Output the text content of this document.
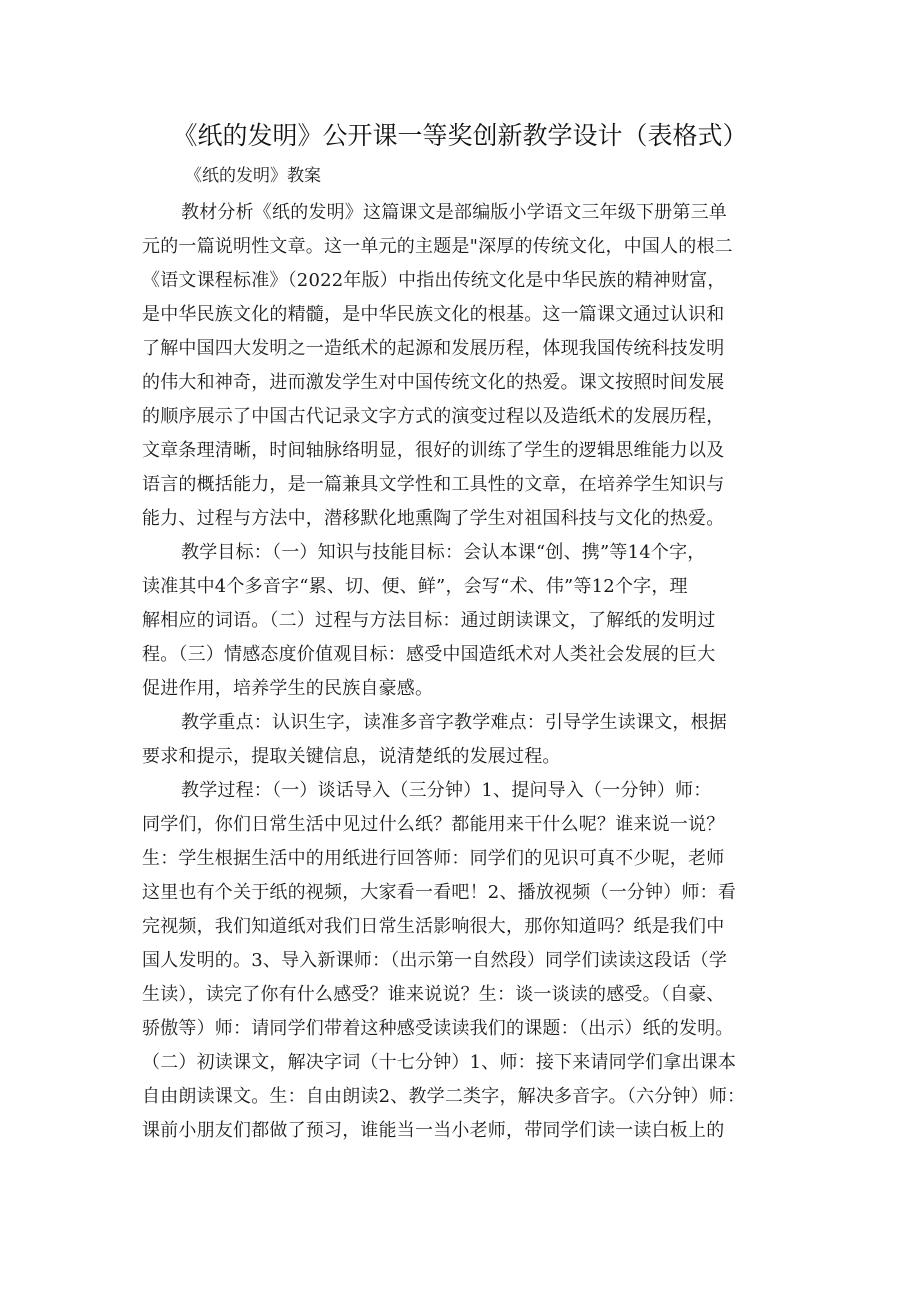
《纸的发明》公开课一等奖创新教学设计（表格式）
《纸的发明》教案
教材分析《纸的发明》这篇课文是部编版小学语文三年级下册第三单
元的一篇说明性文章。这一单元的主题是"深厚的传统文化，中国人的根二
《语文课程标准》（2022年版）中指出传统文化是中华民族的精神财富，
是中华民族文化的精髓，是中华民族文化的根基。这一篇课文通过认识和
了解中国四大发明之一造纸术的起源和发展历程，体现我国传统科技发明
的伟大和神奇，进而激发学生对中国传统文化的热爱。课文按照时间发展
的顺序展示了中国古代记录文字方式的演变过程以及造纸术的发展历程，
文章条理清晰，时间轴脉络明显，很好的训练了学生的逻辑思维能力以及
语言的概括能力，是一篇兼具文学性和工具性的文章，在培养学生知识与
能力、过程与方法中，潜移默化地熏陶了学生对祖国科技与文化的热爱。
教学目标：（一）知识与技能目标：会认本课“创、携”等14个字，
读准其中4个多音字“累、切、便、鲜”，会写“术、伟”等12个字，理
解相应的词语。（二）过程与方法目标：通过朗读课文，了解纸的发明过
程。（三）情感态度价值观目标：感受中国造纸术对人类社会发展的巨大
促进作用，培养学生的民族自豪感。
教学重点：认识生字，读准多音字教学难点：引导学生读课文，根据
要求和提示，提取关键信息，说清楚纸的发展过程。
教学过程：（一）谈话导入（三分钟）1、提问导入（一分钟）师：
同学们，你们日常生活中见过什么纸？都能用来干什么呢？谁来说一说？
生：学生根据生活中的用纸进行回答师：同学们的见识可真不少呢，老师
这里也有个关于纸的视频，大家看一看吧！2、播放视频（一分钟）师：看
完视频，我们知道纸对我们日常生活影响很大，那你知道吗？纸是我们中
国人发明的。3、导入新课师：（出示第一自然段）同学们读读这段话（学
生读），读完了你有什么感受？谁来说说？生：谈一谈读的感受。（自豪、
骄傲等）师：请同学们带着这种感受读读我们的课题：（出示）纸的发明。
（二）初读课文，解决字词（十七分钟）1、师：接下来请同学们拿出课本
自由朗读课文。生：自由朗读2、教学二类字，解决多音字。（六分钟）师：
课前小朋友们都做了预习，谁能当一当小老师，带同学们读一读白板上的
